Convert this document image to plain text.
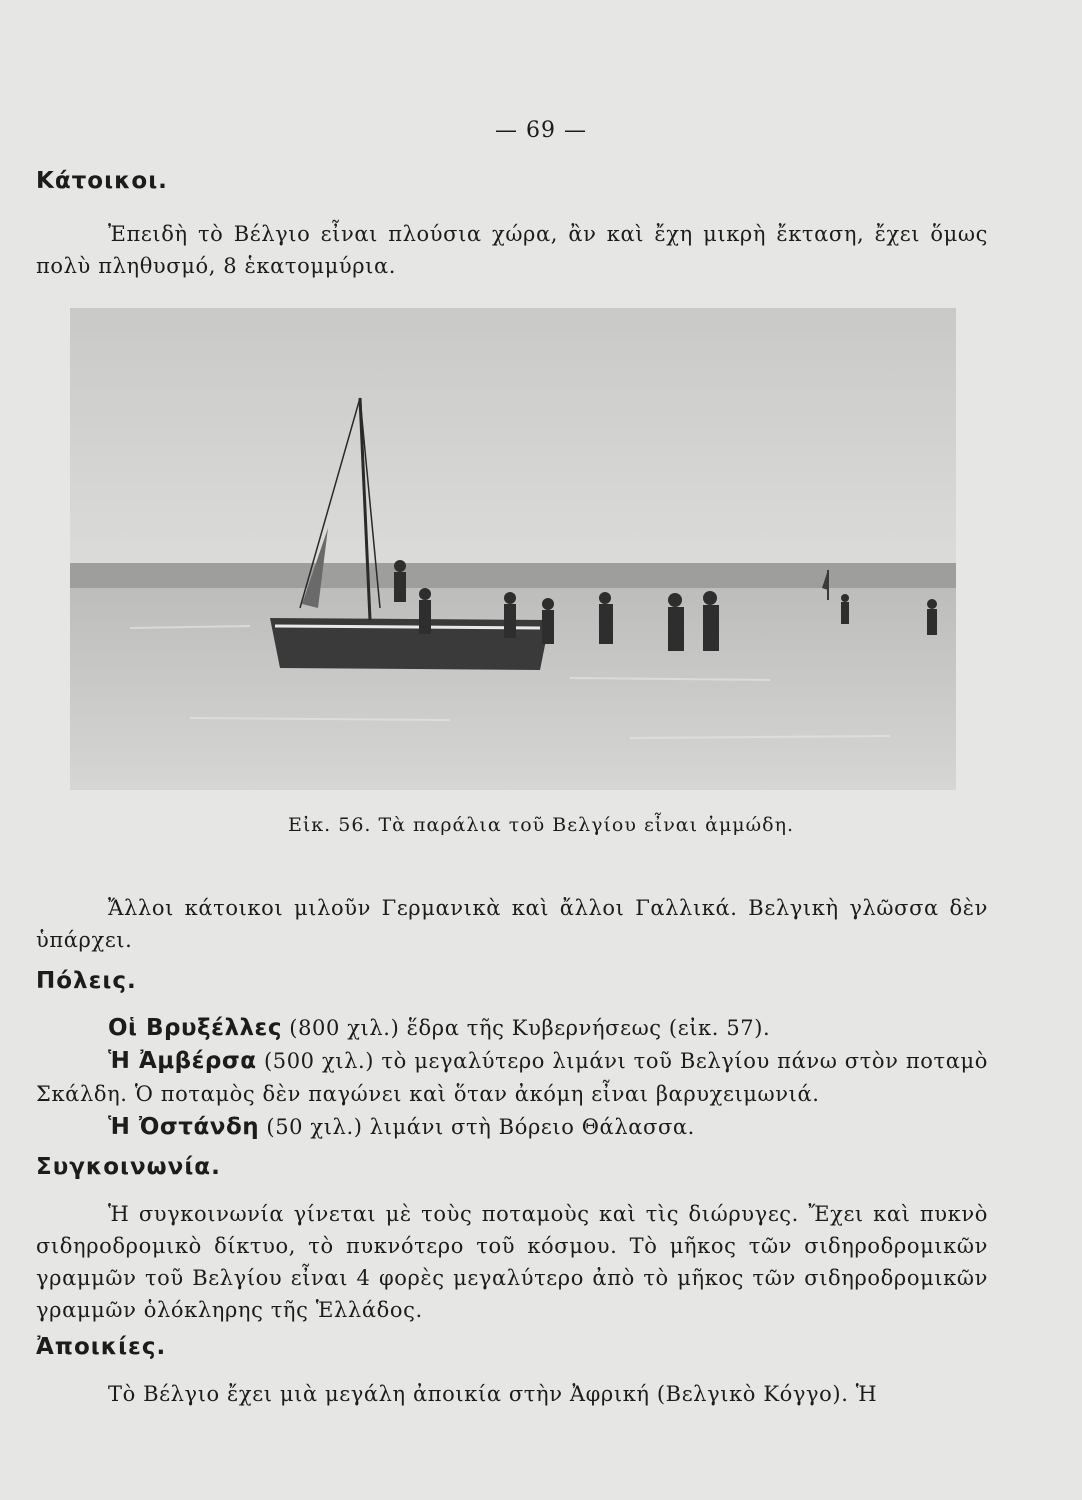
— 69 —
Κάτοικοι.
Ἐπειδὴ τὸ Βέλγιο εἶναι πλούσια χώρα, ἂν καὶ ἔχη μικρὴ ἔκταση, ἔχει ὅμως πολὺ πληθυσμό, 8 ἑκατομμύρια.
Εἰκ. 56. Τὰ παράλια τοῦ Βελγίου εἶναι ἀμμώδη.
Ἄλλοι κάτοικοι μιλοῦν Γερμανικὰ καὶ ἄλλοι Γαλλικά. Βελγικὴ γλῶσσα δὲν ὑπάρχει.
Πόλεις.
Οἱ Βρυξέλλες (800 χιλ.) ἕδρα τῆς Κυβερνήσεως (εἰκ. 57).
Ἡ Ἀμβέρσα (500 χιλ.) τὸ μεγαλύτερο λιμάνι τοῦ Βελγίου πάνω στὸν ποταμὸ Σκάλδη. Ὁ ποταμὸς δὲν παγώνει καὶ ὅταν ἀκόμη εἶναι βαρυχειμωνιά.
Ἡ Ὀστάνδη (50 χιλ.) λιμάνι στὴ Βόρειο Θάλασσα.
Συγκοινωνία.
Ἡ συγκοινωνία γίνεται μὲ τοὺς ποταμοὺς καὶ τὶς διώρυγες. Ἔχει καὶ πυκνὸ σιδηροδρομικὸ δίκτυο, τὸ πυκνότερο τοῦ κόσμου. Τὸ μῆκος τῶν σιδηροδρομικῶν γραμμῶν τοῦ Βελγίου εἶναι 4 φορὲς μεγαλύτερο ἀπὸ τὸ μῆκος τῶν σιδηροδρομικῶν γραμμῶν ὁλόκληρης τῆς Ἑλλάδος.
Ἀποικίες.
Τὸ Βέλγιο ἔχει μιὰ μεγάλη ἀποικία στὴν Ἀφρική (Βελγικὸ Κόγγο). Ἡ
